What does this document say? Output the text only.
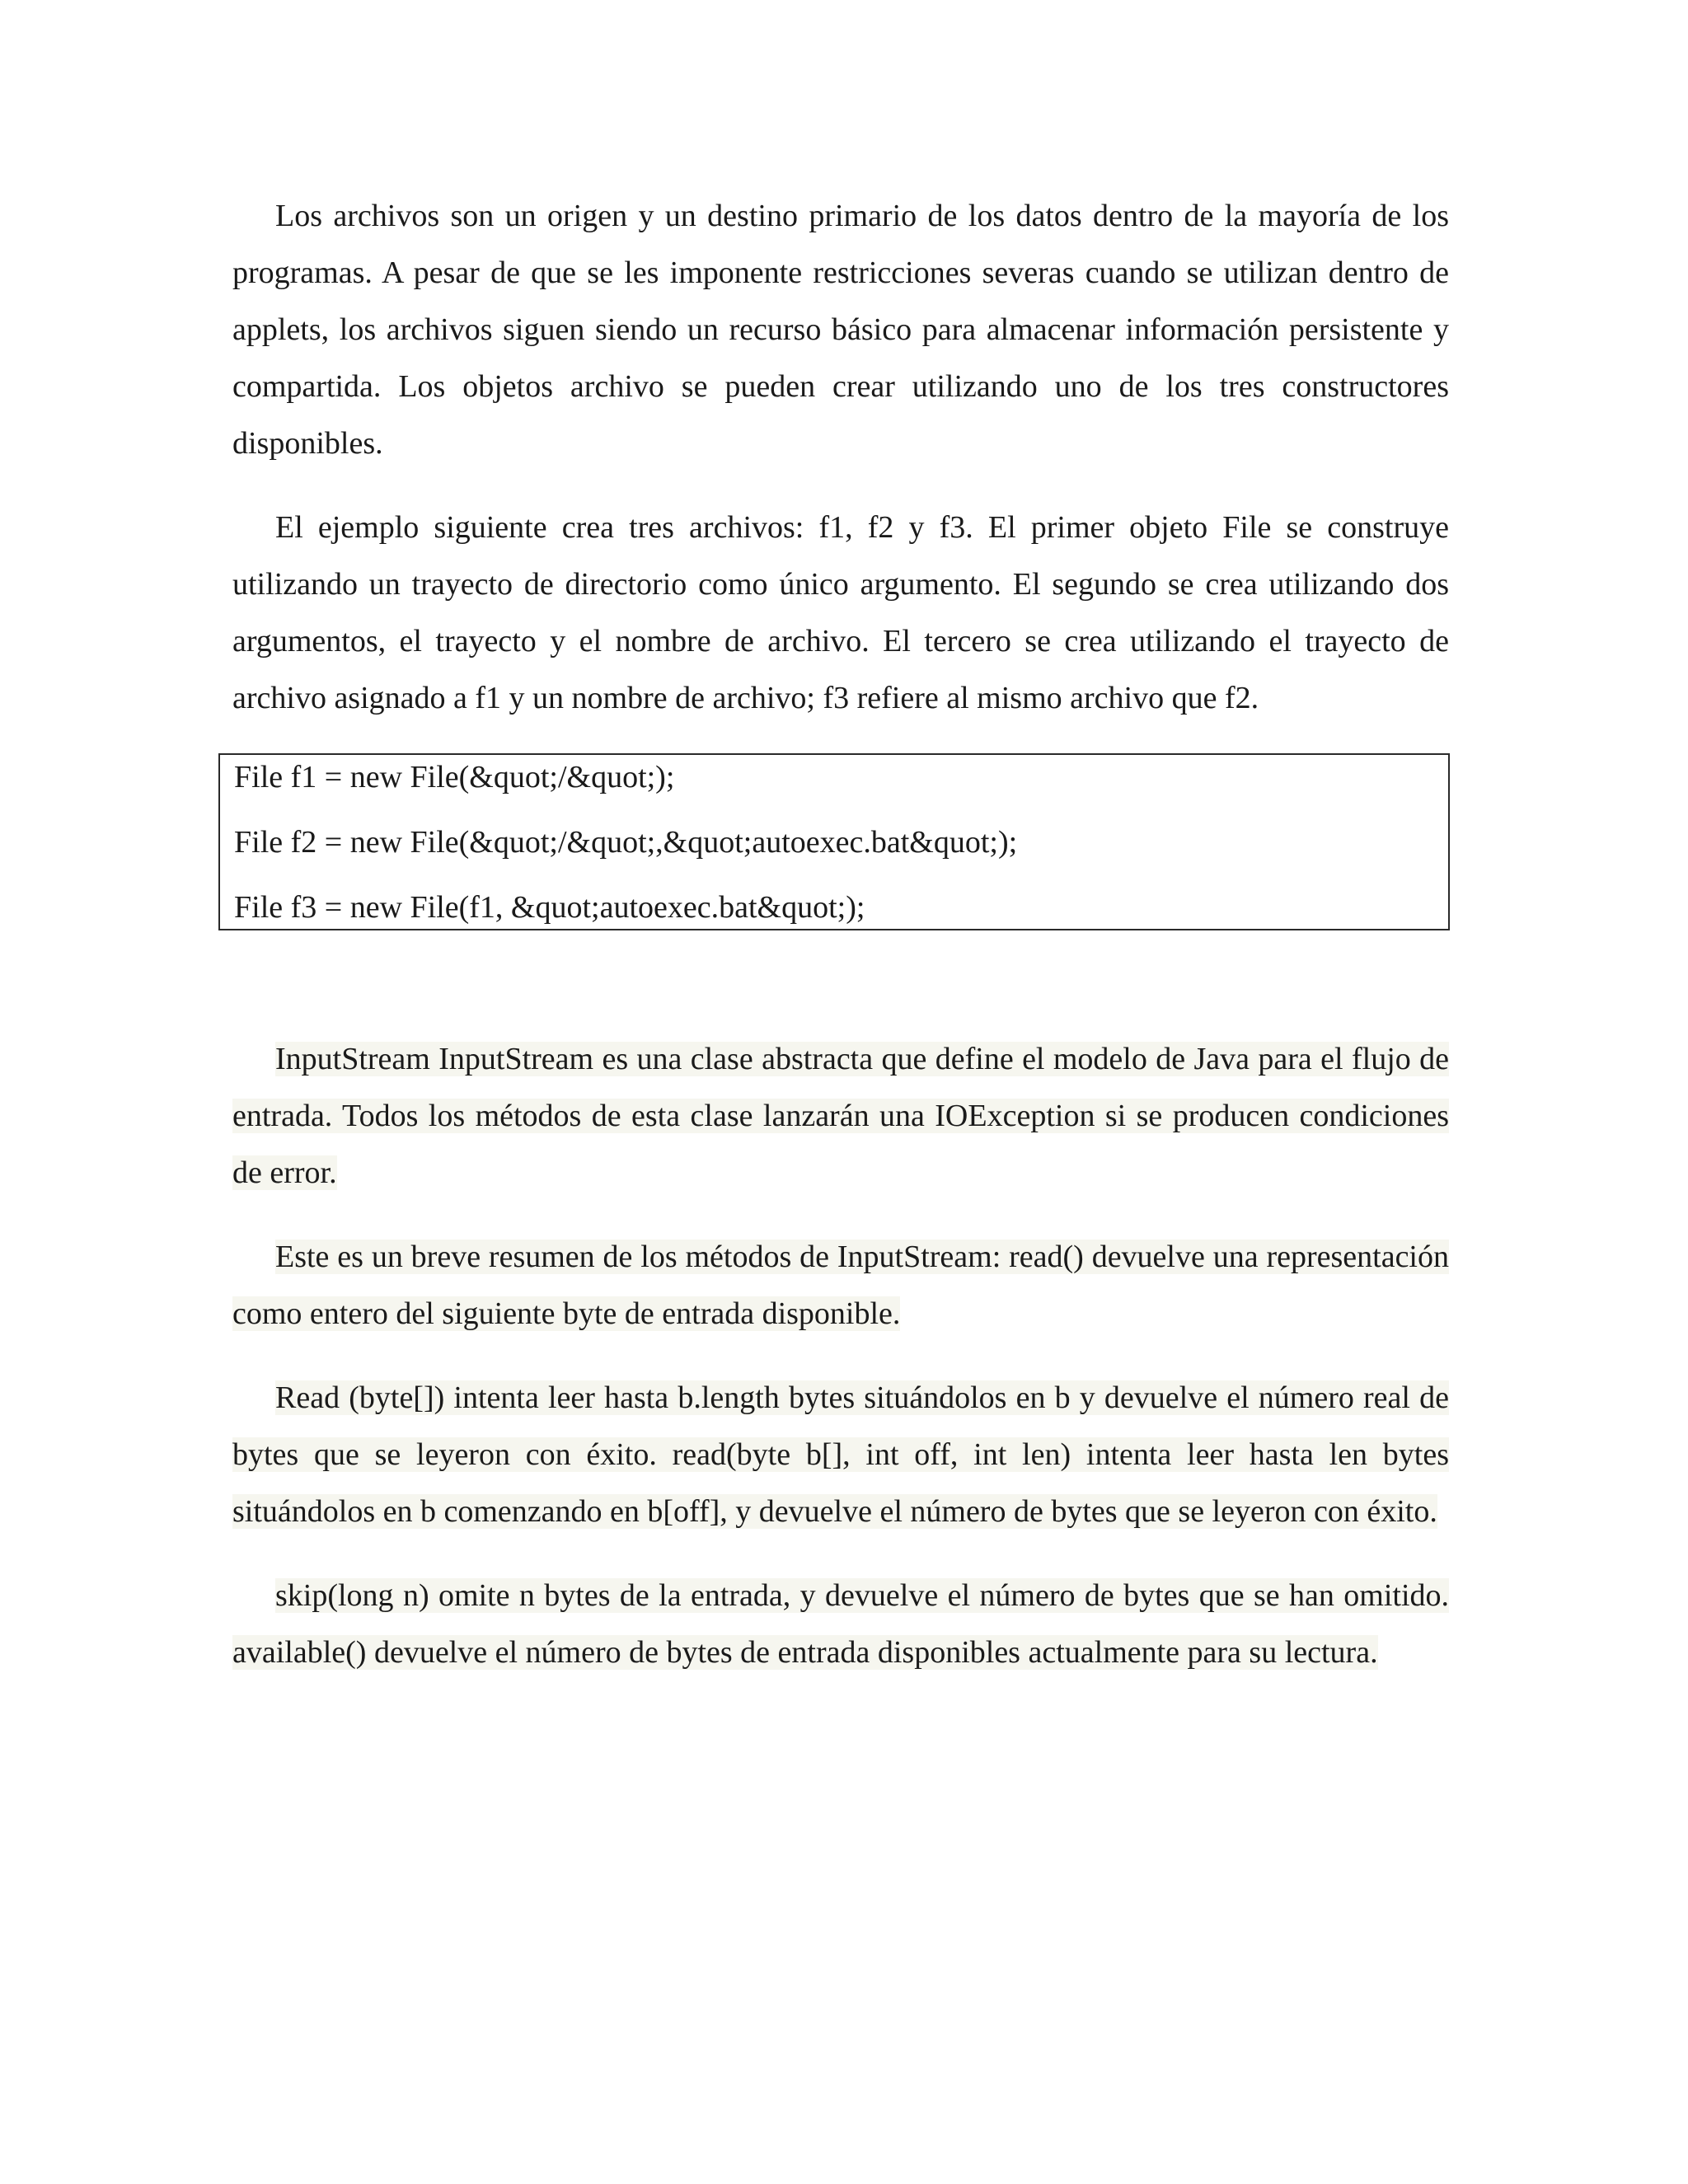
Los archivos son un origen y un destino primario de los datos dentro de la mayoría de los programas. A pesar de que se les imponente restricciones severas cuando se utilizan dentro de applets, los archivos siguen siendo un recurso básico para almacenar información persistente y compartida. Los objetos archivo se pueden crear utilizando uno de los tres constructores disponibles.

El ejemplo siguiente crea tres archivos: f1, f2 y f3. El primer objeto File se construye utilizando un trayecto de directorio como único argumento. El segundo se crea utilizando dos argumentos, el trayecto y el nombre de archivo. El tercero se crea utilizando el trayecto de archivo asignado a f1 y un nombre de archivo; f3 refiere al mismo archivo que f2.

File f1 = new File(&quot;/&quot;);

File f2 = new File(&quot;/&quot;,&quot;autoexec.bat&quot;);

File f3 = new File(f1, &quot;autoexec.bat&quot;);

InputStream InputStream es una clase abstracta que define el modelo de Java para el flujo de entrada. Todos los métodos de esta clase lanzarán una IOException si se producen condiciones de error.

Este es un breve resumen de los métodos de InputStream: read() devuelve una representación como entero del siguiente byte de entrada disponible.

Read (byte[]) intenta leer hasta b.length bytes situándolos en b y devuelve el número real de bytes que se leyeron con éxito. read(byte b[], int off, int len) intenta leer hasta len bytes situándolos en b comenzando en b[off], y devuelve el número de bytes que se leyeron con éxito.

skip(long n) omite n bytes de la entrada, y devuelve el número de bytes que se han omitido. available() devuelve el número de bytes de entrada disponibles actualmente para su lectura.
